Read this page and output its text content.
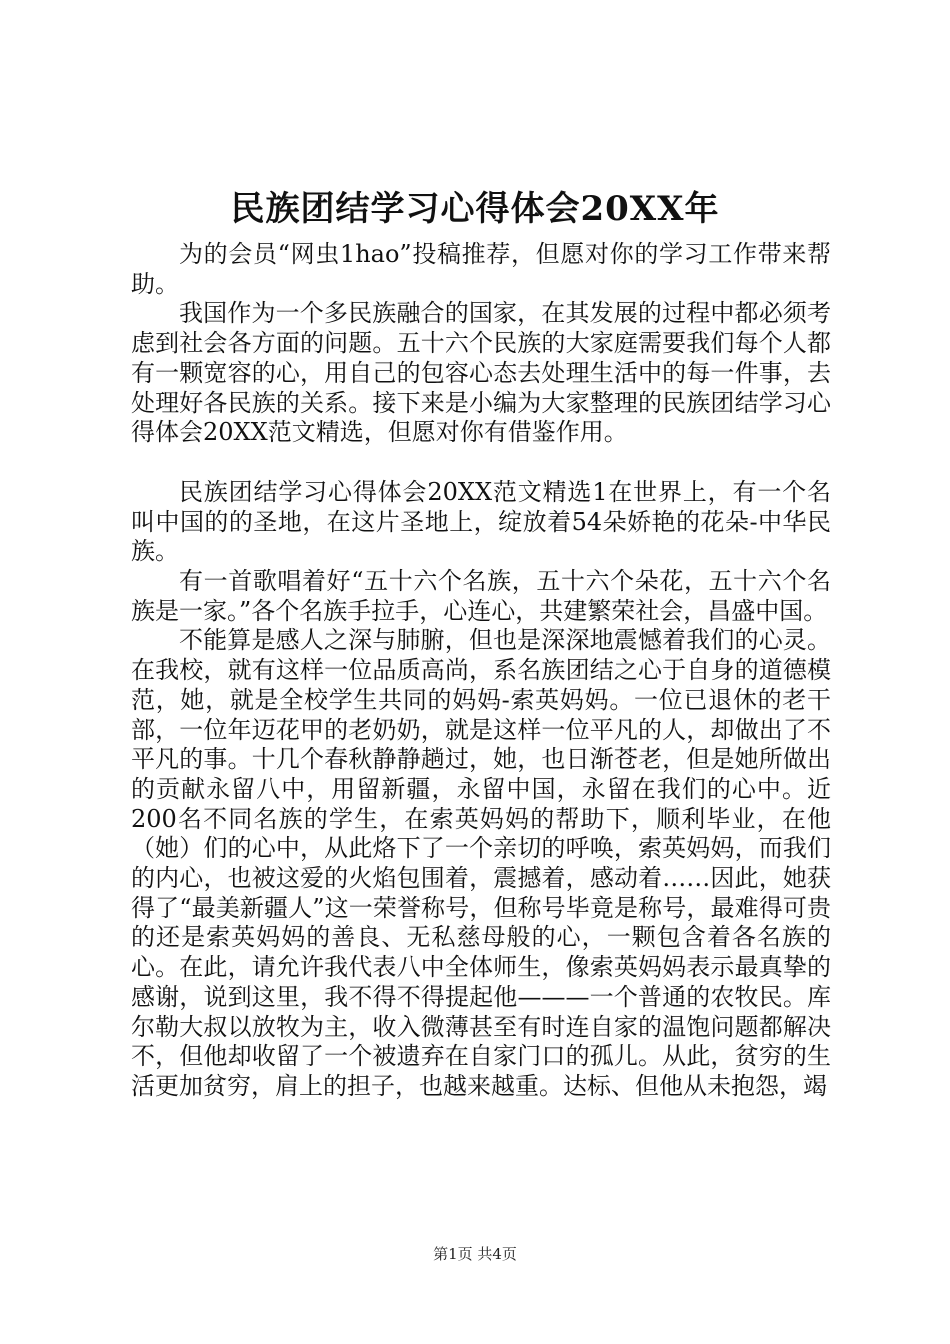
民族团结学习心得体会20XX年

为的会员“网虫1hao”投稿推荐，但愿对你的学习工作带来帮助。

我国作为一个多民族融合的国家，在其发展的过程中都必须考虑到社会各方面的问题。五十六个民族的大家庭需要我们每个人都有一颗宽容的心，用自己的包容心态去处理生活中的每一件事，去处理好各民族的关系。接下来是小编为大家整理的民族团结学习心得体会20XX范文精选，但愿对你有借鉴作用。

民族团结学习心得体会20XX范文精选1在世界上，有一个名叫中国的的圣地，在这片圣地上，绽放着54朵娇艳的花朵-中华民族。

有一首歌唱着好“五十六个名族，五十六个朵花，五十六个名族是一家。”各个名族手拉手，心连心，共建繁荣社会，昌盛中国。

不能算是感人之深与肺腑，但也是深深地震憾着我们的心灵。在我校，就有这样一位品质高尚，系名族团结之心于自身的道德模范，她，就是全校学生共同的妈妈-索英妈妈。一位已退休的老干部，一位年迈花甲的老奶奶，就是这样一位平凡的人，却做出了不平凡的事。十几个春秋静静趟过，她，也日渐苍老，但是她所做出的贡献永留八中，用留新疆，永留中国，永留在我们的心中。近200名不同名族的学生，在索英妈妈的帮助下，顺利毕业，在他（她）们的心中，从此烙下了一个亲切的呼唤，索英妈妈，而我们的内心，也被这爱的火焰包围着，震撼着，感动着……因此，她获得了“最美新疆人”这一荣誉称号，但称号毕竟是称号，最难得可贵的还是索英妈妈的善良、无私慈母般的心，一颗包含着各名族的心。在此，请允许我代表八中全体师生，像索英妈妈表示最真挚的感谢，说到这里，我不得不得提起他———一个普通的农牧民。库尔勒大叔以放牧为主，收入微薄甚至有时连自家的温饱问题都解决不，但他却收留了一个被遗弃在自家门口的孤儿。从此，贫穷的生活更加贫穷，肩上的担子，也越来越重。达标、但他从未抱怨，竭

第1页 共4页
